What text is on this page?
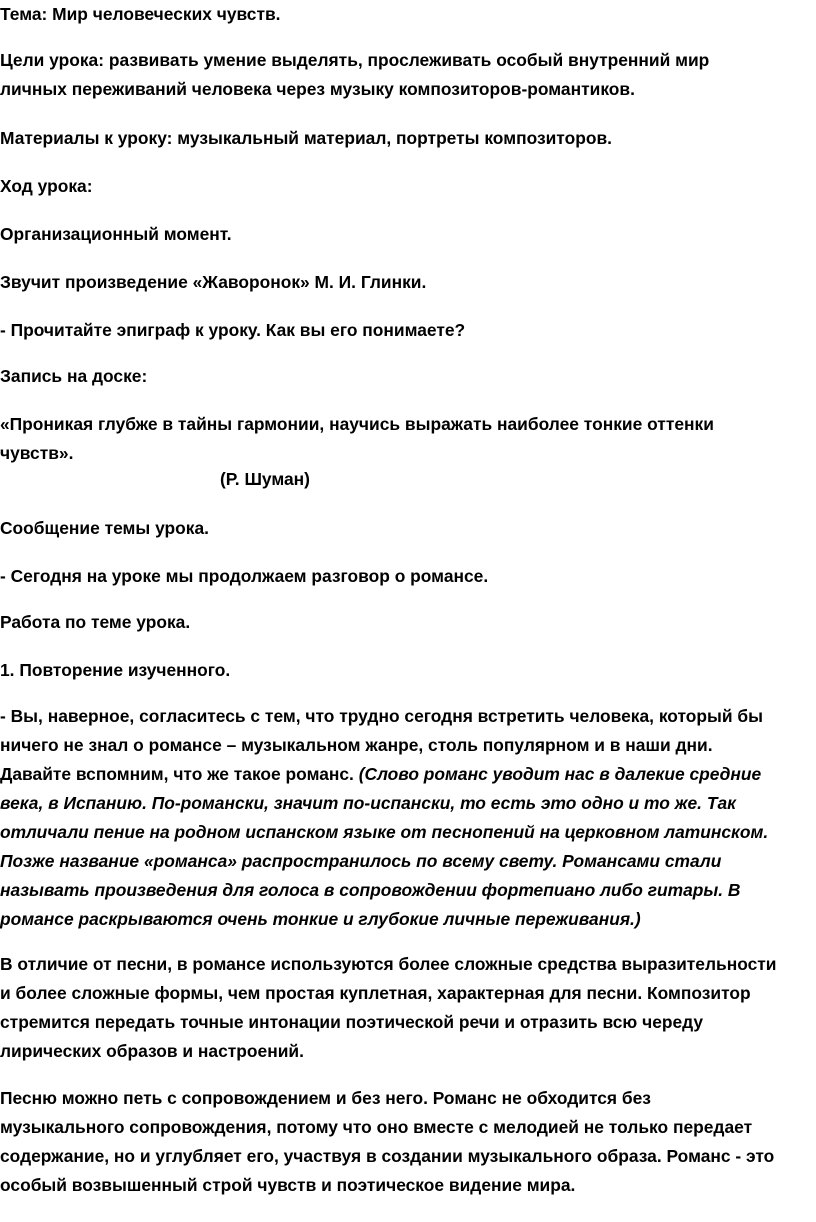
Тема: Мир человеческих чувств.

Цели урока: развивать умение выделять, прослеживать особый внутренний мир
личных переживаний человека через музыку композиторов-романтиков.

Материалы к уроку: музыкальный материал, портреты композиторов.

Ход урока:

Организационный момент.

Звучит произведение «Жаворонок» М. И. Глинки.

- Прочитайте эпиграф к уроку. Как вы его понимаете?

Запись на доске:

«Проникая глубже в тайны гармонии, научись выражать наиболее тонкие оттенки
чувств».

(Р. Шуман)

Сообщение темы урока.

- Сегодня на уроке мы продолжаем разговор о романсе.

Работа по теме урока.

1. Повторение изученного.

- Вы, наверное, согласитесь с тем, что трудно сегодня встретить человека, который бы
ничего не знал о романсе – музыкальном жанре, столь популярном и в наши дни.
Давайте вспомним, что же такое романс. (Слово романс уводит нас в далекие средние
века, в Испанию. По-романски, значит по-испански, то есть это одно и то же. Так
отличали пение на родном испанском языке от песнопений на церковном латинском.
Позже название «романса» распространилось по всему свету. Романсами стали
называть произведения для голоса в сопровождении фортепиано либо гитары. В
романсе раскрываются очень тонкие и глубокие личные переживания.)

В отличие от песни, в романсе используются более сложные средства выразительности
и более сложные формы, чем простая куплетная, характерная для песни. Композитор
стремится передать точные интонации поэтической речи и отразить всю череду
лирических образов и настроений.

Песню можно петь с сопровождением и без него. Романс не обходится без
музыкального сопровождения, потому что оно вместе с мелодией не только передает
содержание, но и углубляет его, участвуя в создании музыкального образа. Романс - это
особый возвышенный строй чувств и поэтическое видение мира.
